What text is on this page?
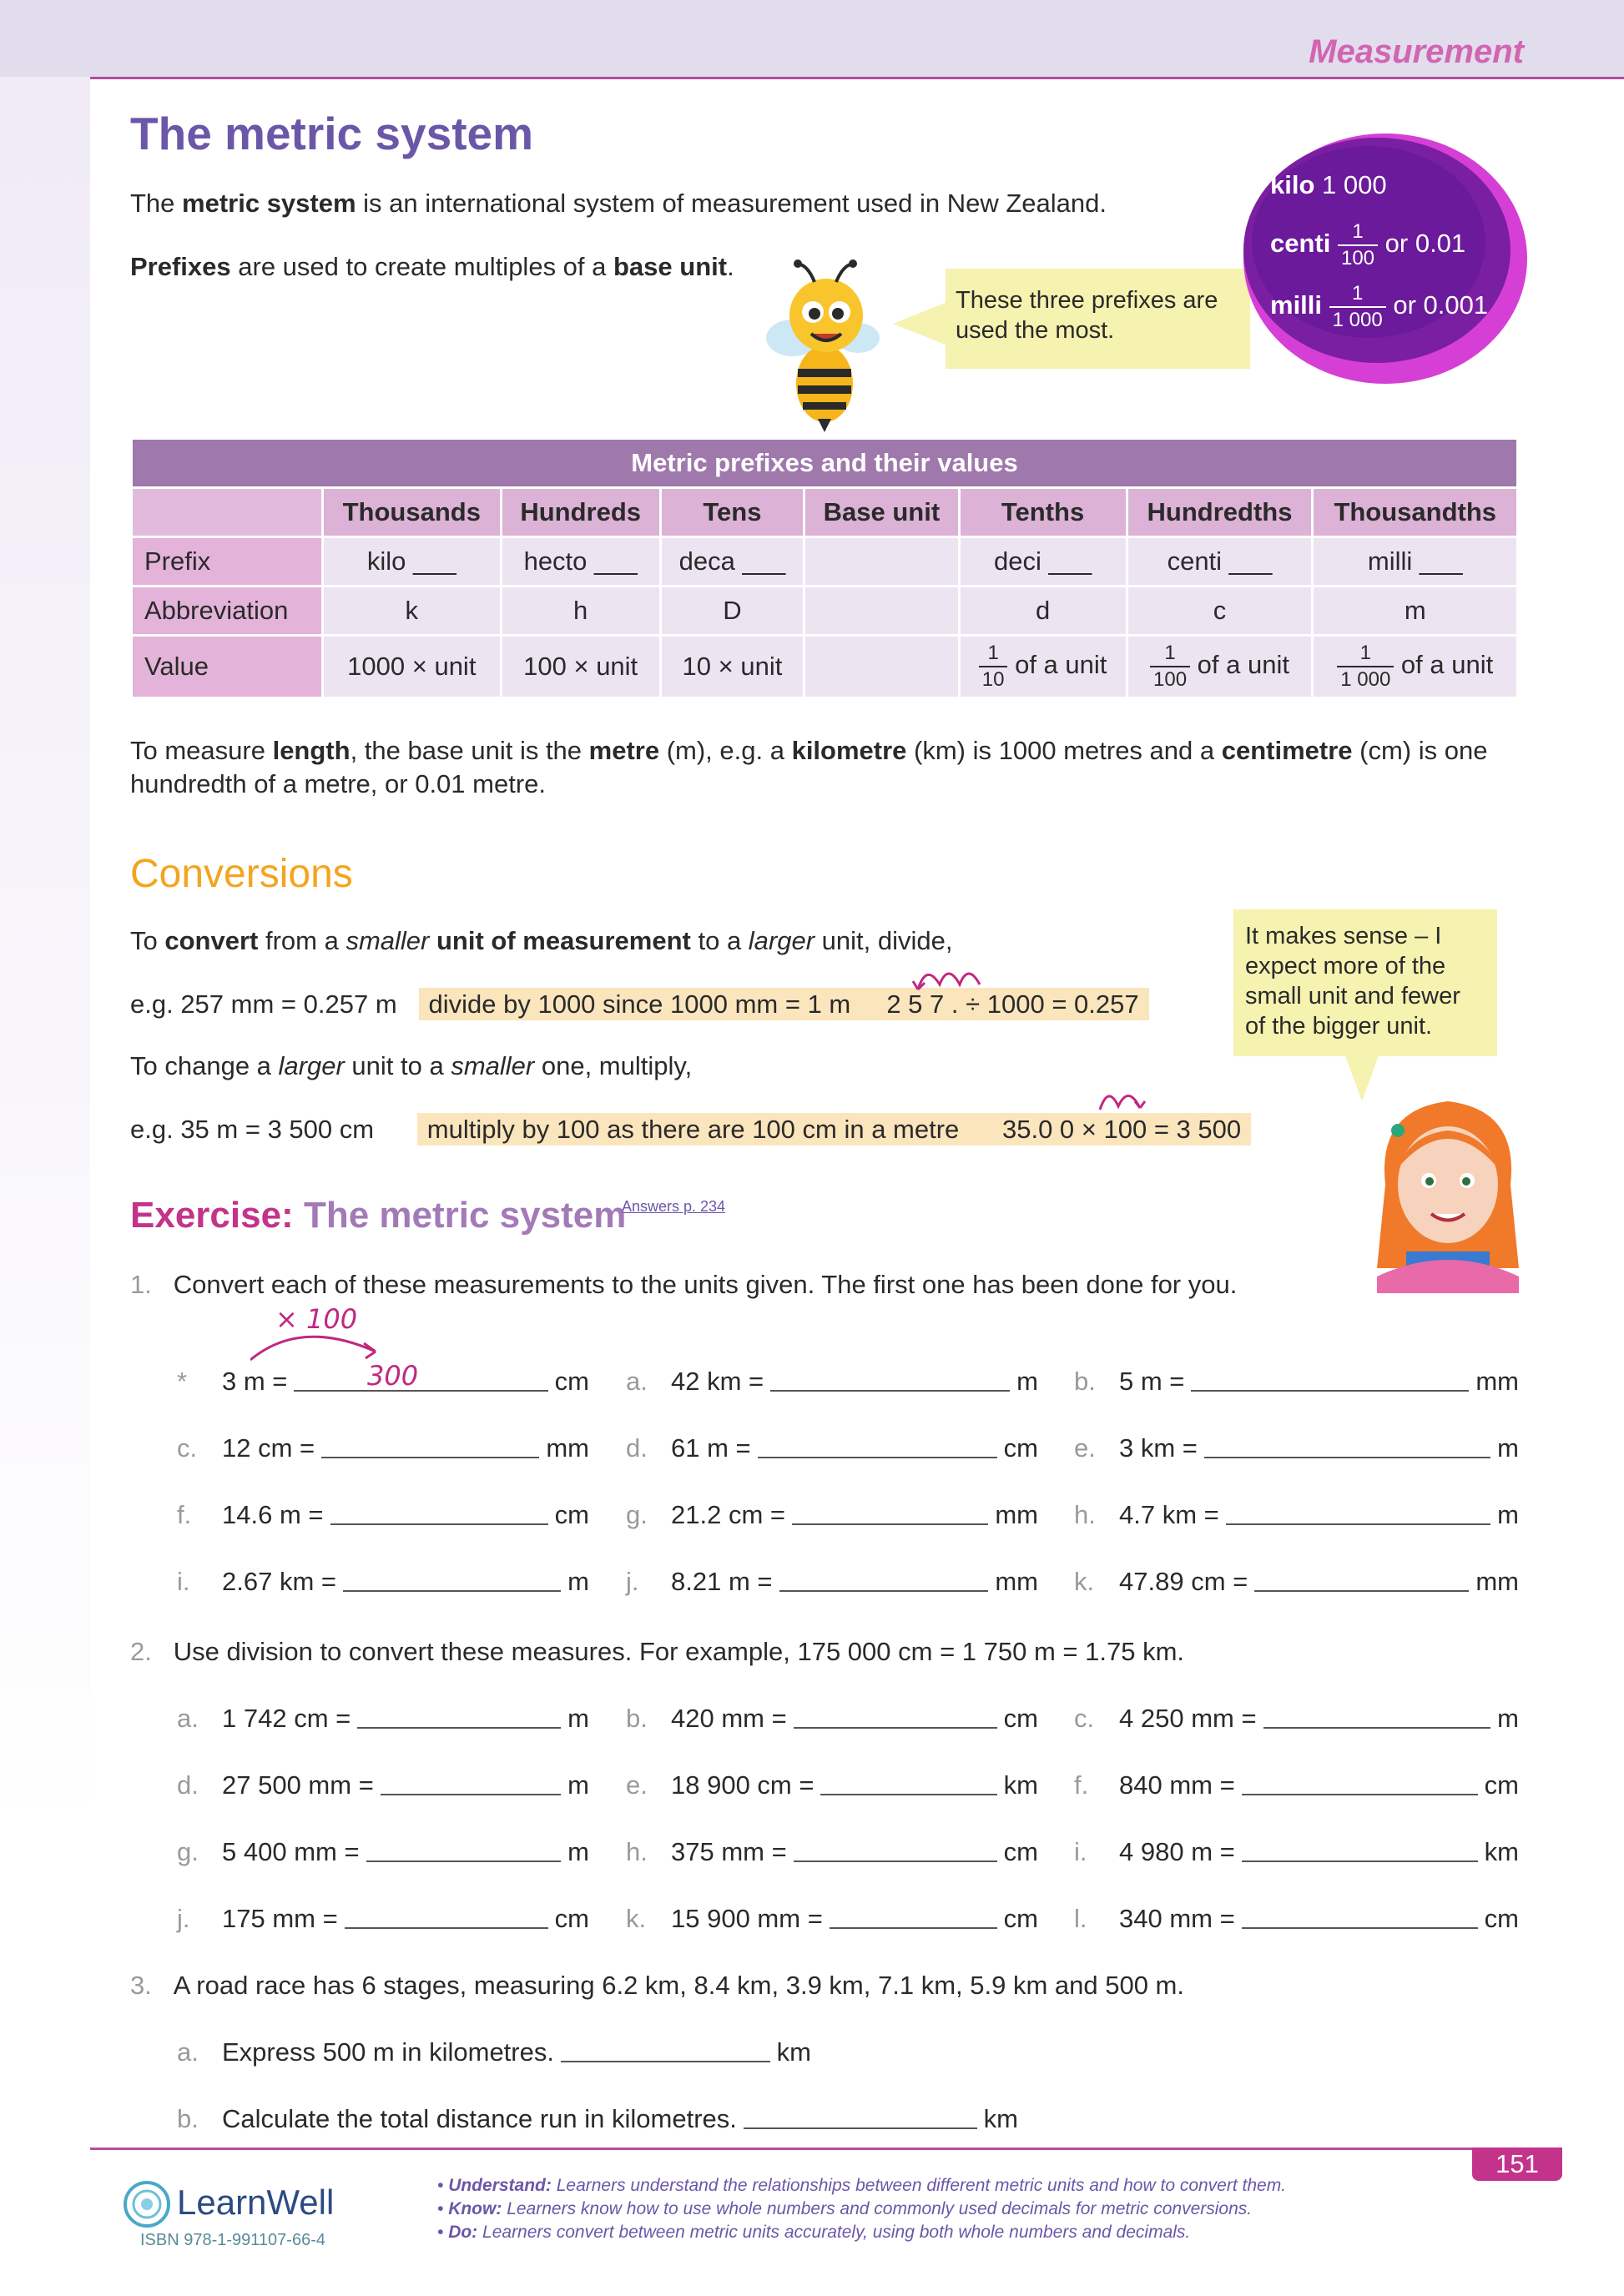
Measurement
The metric system
The metric system is an international system of measurement used in New Zealand.
Prefixes are used to create multiples of a base unit.
These three prefixes are used the most.
kilo 1 000
centi $\frac{1}{100}$ or 0.01
milli $\frac{1}{1 000}$ or 0.001
Metric prefixes and their values							
	Thousands	Hundreds	Tens	Base unit	Tenths	Hundredths	Thousandths
Prefix	kilo ___	hecto ___	deca ___		deci ___	centi ___	milli ___
Abbreviation	k	h	D		d	c	m
Value	1000 × unit	100 × unit	10 × unit		$\frac{1}{10}$ of a unit	$\frac{1}{100}$ of a unit	$\frac{1}{1 000}$ of a unit
To measure length, the base unit is the metre (m), e.g. a kilometre (km) is 1000 metres and a centimetre (cm) is one hundredth of a metre, or 0.01 metre.
Conversions
To convert from a smaller unit of measurement to a larger unit, divide,
e.g. 257 mm = 0.257 m divide by 1000 since 1000 mm = 1 m 2 5 7 . ÷ 1000 = 0.257
To change a larger unit to a smaller one, multiply,
e.g. 35 m = 3 500 cm multiply by 100 as there are 100 cm in a metre 35.0 0 × 100 = 3 500
It makes sense – I expect more of the small unit and fewer of the bigger unit.
Exercise: The metric system
Answers p. 234
1. Convert each of these measurements to the units given. The first one has been done for you.
× 100
300
*	3 m =	cm a. 42 km =	m b. 5 m =	mm
c. 12 cm =	mm d. 61 m =	cm e. 3 km =	m
f.	14.6 m =	cm g. 21.2 cm =	mm h. 4.7 km =	m
i.	2.67 km =	m j.	8.21 m =	mm k. 47.89 cm =	mm
2. Use division to convert these measures. For example, 175 000 cm = 1 750 m = 1.75 km.
a. 1 742 cm =	m b. 420 mm =	cm c. 4 250 mm =	m
d. 27 500 mm =	m e. 18 900 cm =	km f.	840 mm =	cm
g. 5 400 mm =	m h. 375 mm =	cm i.	4 980 m =	km
j.	175 mm =	cm k. 15 900 mm =	cm l.	340 mm =	cm
3. A road race has 6 stages, measuring 6.2 km, 8.4 km, 3.9 km, 7.1 km, 5.9 km and 500 m.
a. Express 500 m in kilometres.	km
b. Calculate the total distance run in kilometres.	km
151
LearnWell
ISBN 978-1-991107-66-4
• Understand: Learners understand the relationships between different metric units and how to convert them.
• Know: Learners know how to use whole numbers and commonly used decimals for metric conversions.
• Do: Learners convert between metric units accurately, using both whole numbers and decimals.
